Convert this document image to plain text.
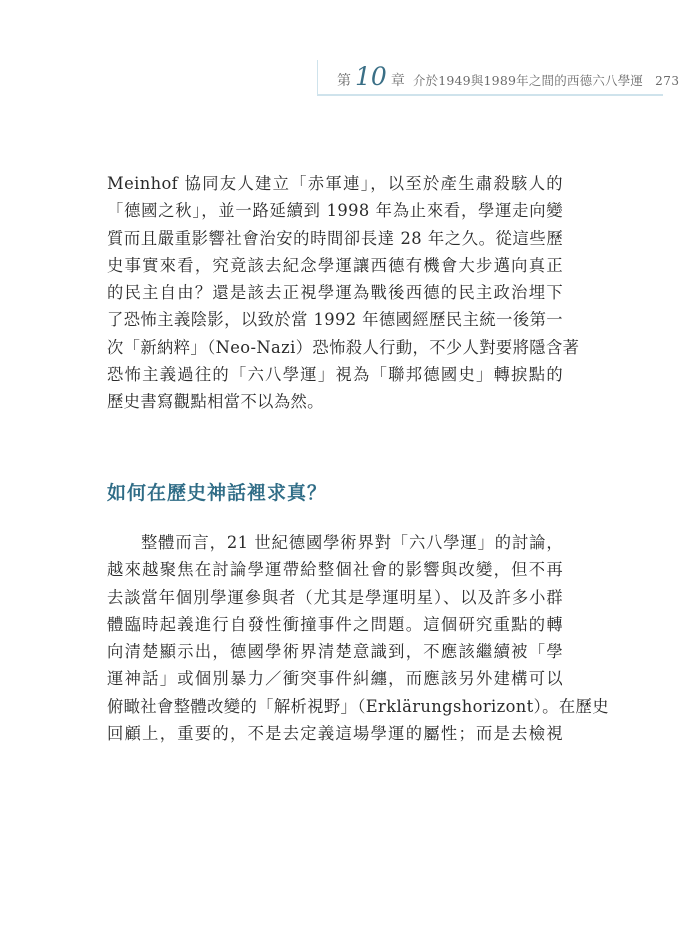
第 10 章 介於1949與1989年之間的西德六八學運 273
Meinhof 協同友人建立「赤軍連」，以至於產生肅殺駭人的
「德國之秋」，並一路延續到 1998 年為止來看，學運走向變
質而且嚴重影響社會治安的時間卻長達 28 年之久。從這些歷
史事實來看，究竟該去紀念學運讓西德有機會大步邁向真正
的民主自由？還是該去正視學運為戰後西德的民主政治埋下
了恐怖主義陰影，以致於當 1992 年德國經歷民主統一後第一
次「新納粹」（Neo-Nazi）恐怖殺人行動，不少人對要將隱含著
恐怖主義過往的「六八學運」視為「聯邦德國史」轉捩點的
歷史書寫觀點相當不以為然。
如何在歷史神話裡求真？
整體而言，21 世紀德國學術界對「六八學運」的討論，
越來越聚焦在討論學運帶給整個社會的影響與改變，但不再
去談當年個別學運參與者（尤其是學運明星）、以及許多小群
體臨時起義進行自發性衝撞事件之問題。這個研究重點的轉
向清楚顯示出，德國學術界清楚意識到，不應該繼續被「學
運神話」或個別暴力／衝突事件糾纏，而應該另外建構可以
俯瞰社會整體改變的「解析視野」（Erklärungshorizont）。在歷史
回顧上，重要的，不是去定義這場學運的屬性；而是去檢視
